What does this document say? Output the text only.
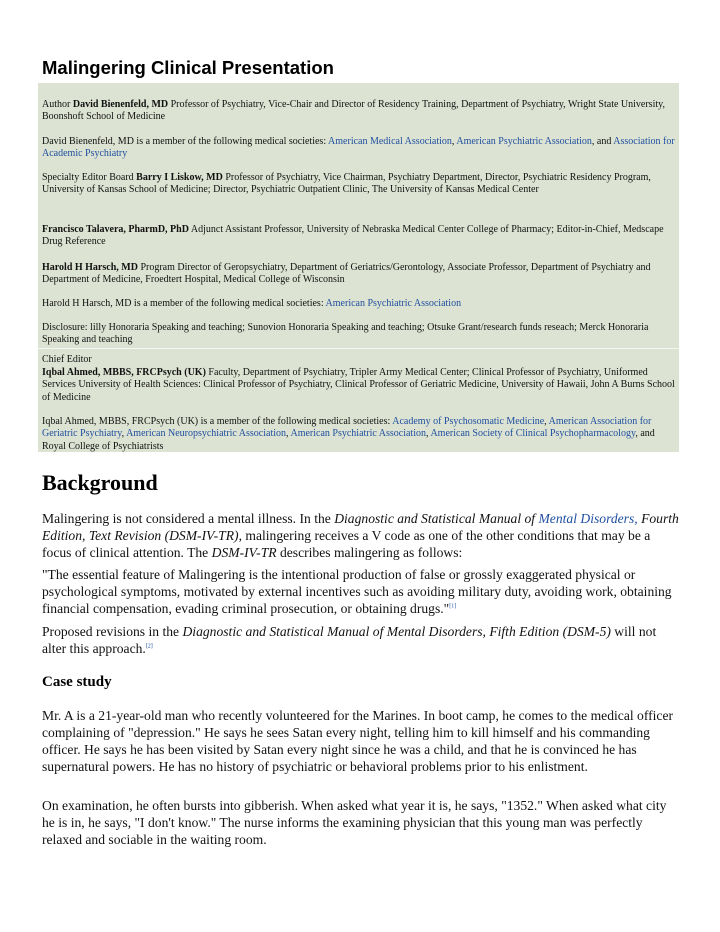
Malingering Clinical Presentation
Author David Bienenfeld, MD Professor of Psychiatry, Vice-Chair and Director of Residency Training, Department of Psychiatry, Wright State University, Boonshoft School of Medicine
David Bienenfeld, MD is a member of the following medical societies: American Medical Association, American Psychiatric Association, and Association for Academic Psychiatry
Specialty Editor Board Barry I Liskow, MD Professor of Psychiatry, Vice Chairman, Psychiatry Department, Director, Psychiatric Residency Program, University of Kansas School of Medicine; Director, Psychiatric Outpatient Clinic, The University of Kansas Medical Center
Francisco Talavera, PharmD, PhD Adjunct Assistant Professor, University of Nebraska Medical Center College of Pharmacy; Editor-in-Chief, Medscape Drug Reference
Harold H Harsch, MD Program Director of Geropsychiatry, Department of Geriatrics/Gerontology, Associate Professor, Department of Psychiatry and Department of Medicine, Froedtert Hospital, Medical College of Wisconsin
Harold H Harsch, MD is a member of the following medical societies: American Psychiatric Association
Disclosure: lilly Honoraria Speaking and teaching; Sunovion Honoraria Speaking and teaching; Otsuke Grant/research funds reseach; Merck Honoraria Speaking and teaching
Chief Editor
Iqbal Ahmed, MBBS, FRCPsych (UK) Faculty, Department of Psychiatry, Tripler Army Medical Center; Clinical Professor of Psychiatry, Uniformed Services University of Health Sciences: Clinical Professor of Psychiatry, Clinical Professor of Geriatric Medicine, University of Hawaii, John A Burns School of Medicine
Iqbal Ahmed, MBBS, FRCPsych (UK) is a member of the following medical societies: Academy of Psychosomatic Medicine, American Association for Geriatric Psychiatry, American Neuropsychiatric Association, American Psychiatric Association, American Society of Clinical Psychopharmacology, and Royal College of Psychiatrists
Background
Malingering is not considered a mental illness. In the Diagnostic and Statistical Manual of Mental Disorders, Fourth Edition, Text Revision (DSM-IV-TR), malingering receives a V code as one of the other conditions that may be a focus of clinical attention. The DSM-IV-TR describes malingering as follows:
"The essential feature of Malingering is the intentional production of false or grossly exaggerated physical or psychological symptoms, motivated by external incentives such as avoiding military duty, avoiding work, obtaining financial compensation, evading criminal prosecution, or obtaining drugs."[1]
Proposed revisions in the Diagnostic and Statistical Manual of Mental Disorders, Fifth Edition (DSM-5) will not alter this approach.[2]
Case study
Mr. A is a 21-year-old man who recently volunteered for the Marines. In boot camp, he comes to the medical officer complaining of "depression." He says he sees Satan every night, telling him to kill himself and his commanding officer. He says he has been visited by Satan every night since he was a child, and that he is convinced he has supernatural powers. He has no history of psychiatric or behavioral problems prior to his enlistment.
On examination, he often bursts into gibberish. When asked what year it is, he says, "1352." When asked what city he is in, he says, "I don't know." The nurse informs the examining physician that this young man was perfectly relaxed and sociable in the waiting room.
